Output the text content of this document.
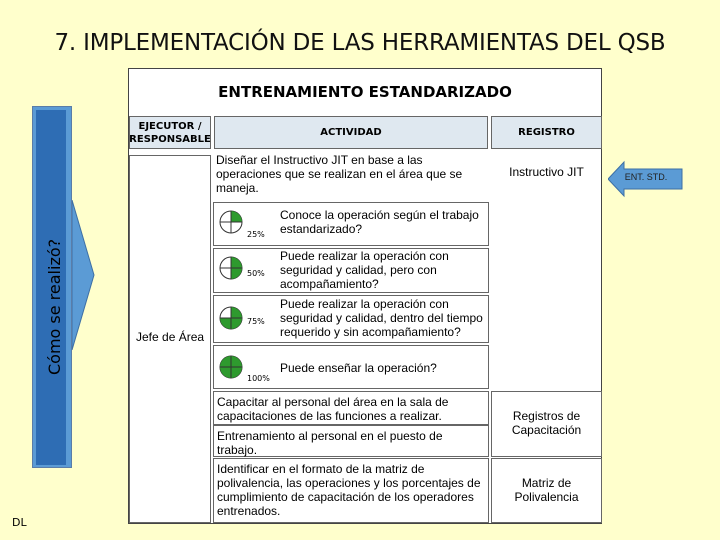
7. IMPLEMENTACIÓN DE LAS HERRAMIENTAS DEL QSB
Cómo se realizó?
ENTRENAMIENTO ESTANDARIZADO
EJECUTOR / RESPONSABLE
ACTIVIDAD	REGISTRO
Jefe de Área
Diseñar el Instructivo JIT en base a las operaciones que se realizan en el área que se maneja.
Instructivo JIT
25%
Conoce la operación según el trabajo estandarizado?
50%
Puede realizar la operación con seguridad y calidad, pero con acompañamiento?
75%
Puede realizar la operación con seguridad y calidad, dentro del tiempo requerido y sin acompañamiento?
100%
Puede enseñar la operación?
Capacitar al personal del área en la sala de capacitaciones de las funciones a realizar.
Entrenamiento al personal en el puesto de trabajo.
Registros de Capacitación
Identificar en el formato de la matriz de polivalencia, las operaciones y los porcentajes de cumplimiento de capacitación de los operadores entrenados.
Matriz de Polivalencia
ENT. STD.
DL
